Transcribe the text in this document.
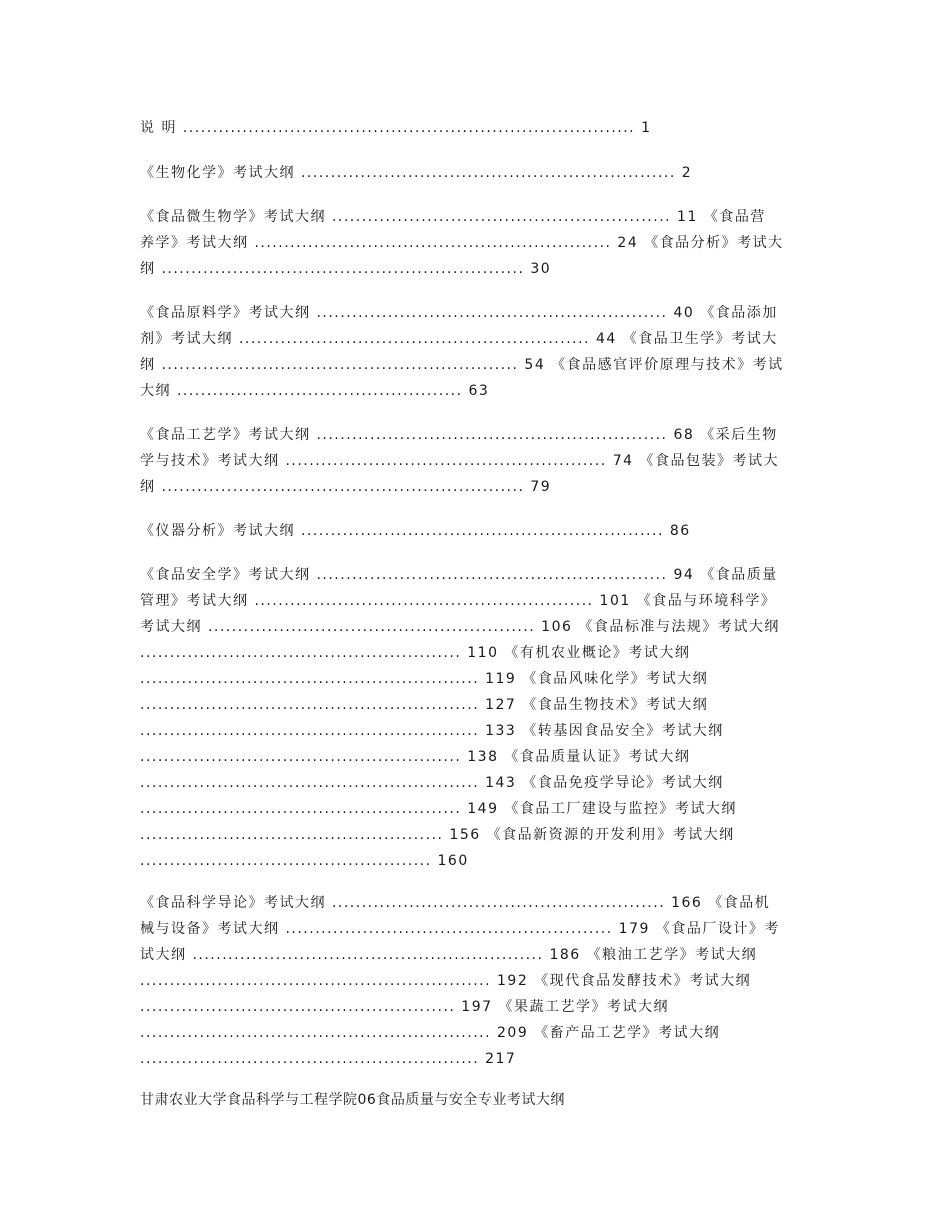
说 明 ............................................................................ 1
《生物化学》考试大纲 ............................................................... 2
《食品微生物学》考试大纲 ......................................................... 11 《食品营
养学》考试大纲 ............................................................ 24 《食品分析》考试大
纲 ............................................................. 30
《食品原料学》考试大纲 ........................................................... 40 《食品添加
剂》考试大纲 ........................................................... 44 《食品卫生学》考试大
纲 ............................................................ 54 《食品感官评价原理与技术》考试
大纲 ................................................ 63
《食品工艺学》考试大纲 ........................................................... 68 《采后生物
学与技术》考试大纲 ...................................................... 74 《食品包装》考试大
纲 ............................................................. 79
《仪器分析》考试大纲 ............................................................. 86
《食品安全学》考试大纲 ........................................................... 94 《食品质量
管理》考试大纲 ......................................................... 101 《食品与环境科学》
考试大纲 ....................................................... 106 《食品标准与法规》考试大纲
...................................................... 110 《有机农业概论》考试大纲
......................................................... 119 《食品风味化学》考试大纲
......................................................... 127 《食品生物技术》考试大纲
......................................................... 133 《转基因食品安全》考试大纲
...................................................... 138 《食品质量认证》考试大纲
......................................................... 143 《食品免疫学导论》考试大纲
...................................................... 149 《食品工厂建设与监控》考试大纲
................................................... 156 《食品新资源的开发利用》考试大纲
................................................. 160
《食品科学导论》考试大纲 ........................................................ 166 《食品机
械与设备》考试大纲 ....................................................... 179 《食品厂设计》考
试大纲 ........................................................... 186 《粮油工艺学》考试大纲
........................................................... 192 《现代食品发酵技术》考试大纲
..................................................... 197 《果蔬工艺学》考试大纲
........................................................... 209 《畜产品工艺学》考试大纲
......................................................... 217
甘肃农业大学食品科学与工程学院06食品质量与安全专业考试大纲
